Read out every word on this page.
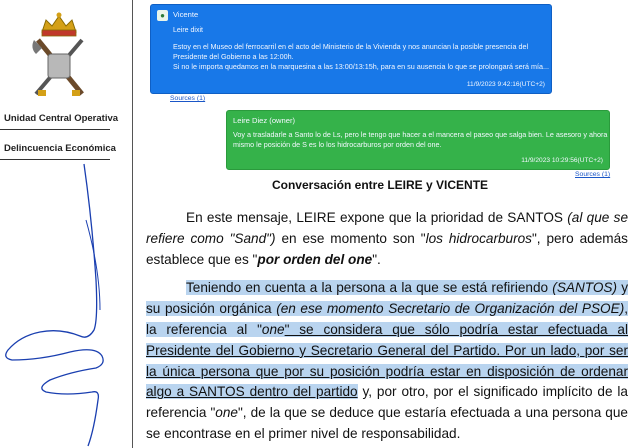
Unidad Central Operativa
Delincuencia Económica
●	Vicente
Leire dixit
Estoy en el Museo del ferrocarril en el acto del Ministerio de la Vivienda y nos anuncian la posible presencia del
Presidente del Gobierno a las 12:00h.
Si no le importa quedamos en la marquesina a las 13:00/13:15h, para en su ausencia lo que se prolongará será mía...
11/9/2023 9:42:16(UTC+2)
Sources (1)
Leire Diez (owner)
Voy a trasladarle a Santo lo de Ls, pero le tengo que hacer a el mancera el paseo que salga bien. Le asesoro y ahora
mismo le posición de S es lo los hidrocarburos por orden del one.
11/9/2023 10:29:56(UTC+2)
Sources (1)
Conversación entre LEIRE y VICENTE

En este mensaje, LEIRE expone que la prioridad de SANTOS (al que se refiere como "Sand") en ese momento son "los hidrocarburos", pero además establece que es "por orden del one".

Teniendo en cuenta a la persona a la que se está refiriendo (SANTOS) y su posición orgánica (en ese momento Secretario de Organización del PSOE), la referencia al "one" se considera que sólo podría estar efectuada al Presidente del Gobierno y Secretario General del Partido. Por un lado, por ser la única persona que por su posición podría estar en disposición de ordenar algo a SANTOS dentro del partido y, por otro, por el significado implícito de la referencia "one", de la que se deduce que estaría efectuada a una persona que se encontrase en el primer nivel de responsabilidad.
